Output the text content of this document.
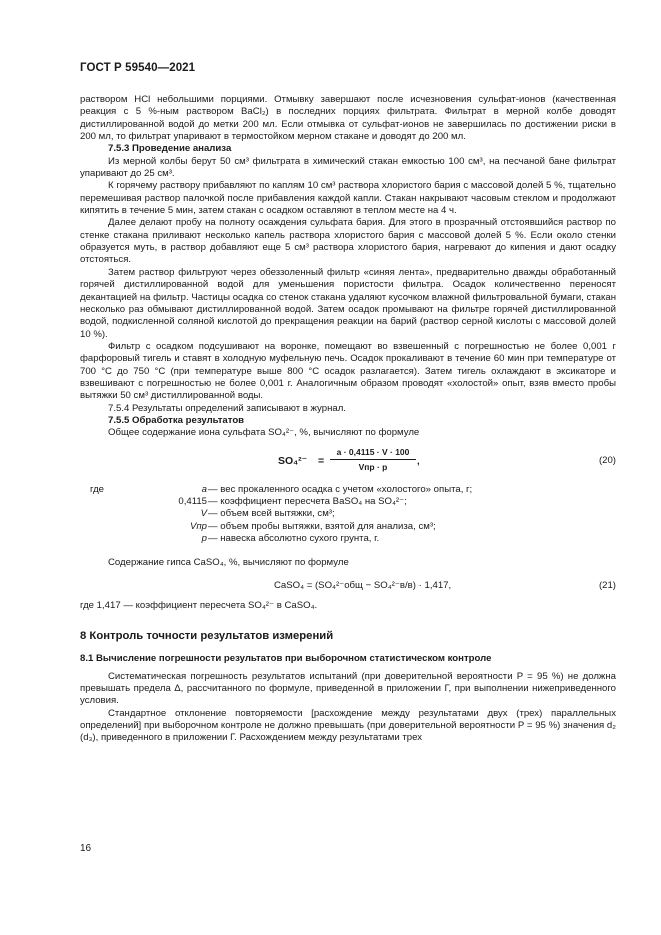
ГОСТ Р 59540—2021

раствором HCl небольшими порциями. Отмывку завершают после исчезновения сульфат-ионов (качественная реакция с 5 %-ным раствором BaCl₂) в последних порциях фильтрата. Фильтрат в мерной колбе доводят дистиллированной водой до метки 200 мл. Если отмывка от сульфат-ионов не завершилась по достижении риски в 200 мл, то фильтрат упаривают в термостойком мерном стакане и доводят до 200 мл.

7.5.3 Проведение анализа

Из мерной колбы берут 50 см³ фильтрата в химический стакан емкостью 100 см³, на песчаной бане фильтрат упаривают до 25 см³.

К горячему раствору прибавляют по каплям 10 см³ раствора хлористого бария с массовой долей 5 %, тщательно перемешивая раствор палочкой после прибавления каждой капли. Стакан накрывают часовым стеклом и продолжают кипятить в течение 5 мин, затем стакан с осадком оставляют в теплом месте на 4 ч.

Далее делают пробу на полноту осаждения сульфата бария. Для этого в прозрачный отстоявшийся раствор по стенке стакана приливают несколько капель раствора хлористого бария с массовой долей 5 %. Если около стенки образуется муть, в раствор добавляют еще 5 см³ раствора хлористого бария, нагревают до кипения и дают осадку отстояться.

Затем раствор фильтруют через обеззоленный фильтр «синяя лента», предварительно дважды обработанный горячей дистиллированной водой для уменьшения пористости фильтра. Осадок количественно переносят декантацией на фильтр. Частицы осадка со стенок стакана удаляют кусочком влажной фильтровальной бумаги, стакан несколько раз обмывают дистиллированной водой. Затем осадок промывают на фильтре горячей дистиллированной водой, подкисленной соляной кислотой до прекращения реакции на барий (раствор серной кислоты с массовой долей 10 %).

Фильтр с осадком подсушивают на воронке, помещают во взвешенный с погрешностью не более 0,001 г фарфоровый тигель и ставят в холодную муфельную печь. Осадок прокаливают в течение 60 мин при температуре от 700 °С до 750 °С (при температуре выше 800 °С осадок разлагается). Затем тигель охлаждают в эксикаторе и взвешивают с погрешностью не более 0,001 г. Аналогичным образом проводят «холостой» опыт, взяв вместо пробы вытяжки 50 см³ дистиллированной воды.

7.5.4 Результаты определений записывают в журнал.

7.5.5 Обработка результатов

Общее содержание иона сульфата SO₄²⁻, %, вычисляют по формуле

SO₄²⁻ =
a · 0,4115 · V · 100
Vпр · p
,	(20)
где	a — вес прокаленного осадка с учетом «холостого» опыта, г;
0,4115 — коэффициент пересчета BaSO₄ на SO₄²⁻;
V — объем всей вытяжки, см³;
Vпр — объем пробы вытяжки, взятой для анализа, см³;
p — навеска абсолютно сухого грунта, г.

Содержание гипса CaSO₄, %, вычисляют по формуле

CaSO₄ = (SO₄²⁻общ − SO₄²⁻в/в) · 1,417,	(21)

где 1,417 — коэффициент пересчета SO₄²⁻ в CaSO₄.

8 Контроль точности результатов измерений

8.1 Вычисление погрешности результатов при выборочном статистическом контроле

Систематическая погрешность результатов испытаний (при доверительной вероятности P = 95 %) не должна превышать предела Δ, рассчитанного по формуле, приведенной в приложении Г, при выполнении нижеприведенного условия.

Стандартное отклонение повторяемости [расхождение между результатами двух (трех) параллельных определений] при выборочном контроле не должно превышать (при доверительной вероятности P = 95 %) значения d₂ (d₃), приведенного в приложении Г. Расхождением между результатами трех

16
